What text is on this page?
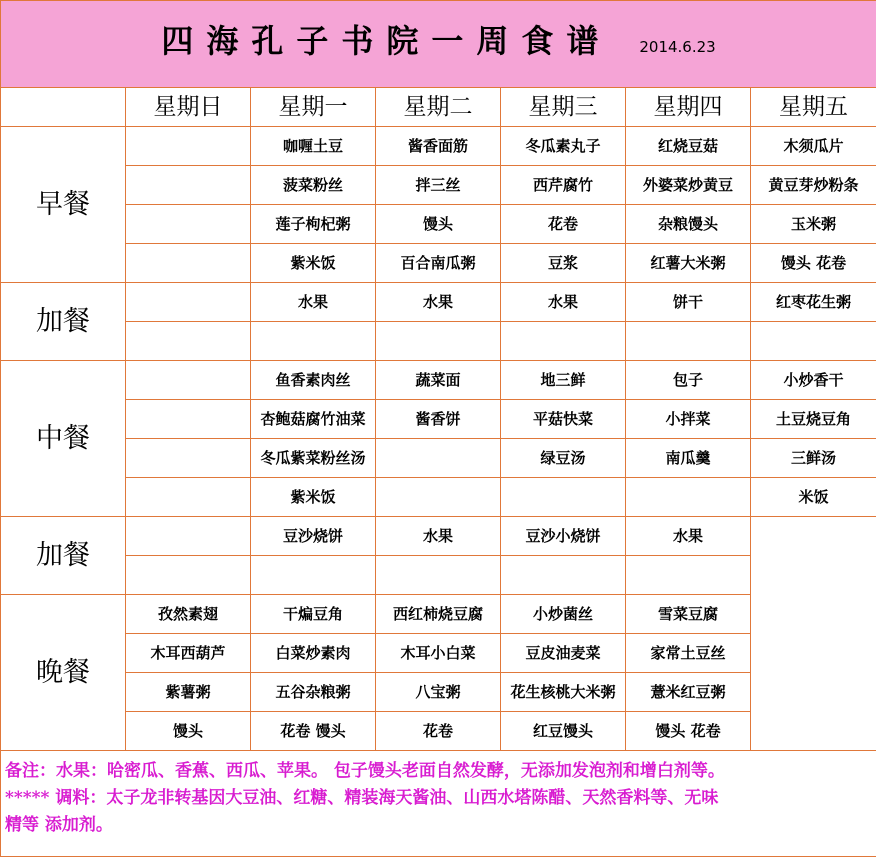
四海孔子书院一周食谱 2014.6.23						
	星期日	星期一	星期二	星期三	星期四	星期五
早餐		咖喱土豆	酱香面筋	冬瓜素丸子	红烧豆菇	木须瓜片
		菠菜粉丝	拌三丝	西芹腐竹	外婆菜炒黄豆	黄豆芽炒粉条
		莲子枸杞粥	馒头	花卷	杂粮馒头	玉米粥
		紫米饭	百合南瓜粥	豆浆	红薯大米粥	馒头 花卷
加餐		水果	水果	水果	饼干	红枣花生粥

中餐		鱼香素肉丝	蔬菜面	地三鲜	包子	小炒香干
		杏鲍菇腐竹油菜	酱香饼	平菇快菜	小拌菜	土豆烧豆角
		冬瓜紫菜粉丝汤		绿豆汤	南瓜羹	三鲜汤
		紫米饭				米饭
加餐		豆沙烧饼	水果	豆沙小烧饼	水果	

晚餐	孜然素翅	干煸豆角	西红柿烧豆腐	小炒菌丝	雪菜豆腐	
	木耳西葫芦	白菜炒素肉	木耳小白菜	豆皮油麦菜	家常土豆丝	
	紫薯粥	五谷杂粮粥	八宝粥	花生核桃大米粥	薏米红豆粥	
	馒头	花卷 馒头	花卷	红豆馒头	馒头 花卷	

备注：水果：哈密瓜、香蕉、西瓜、苹果。 包子馒头老面自然发酵，无添加发泡剂和增白剂等。
***** 调料：太子龙非转基因大豆油、红糖、精装海天酱油、山西水塔陈醋、天然香料等、无味
精等 添加剂。						
